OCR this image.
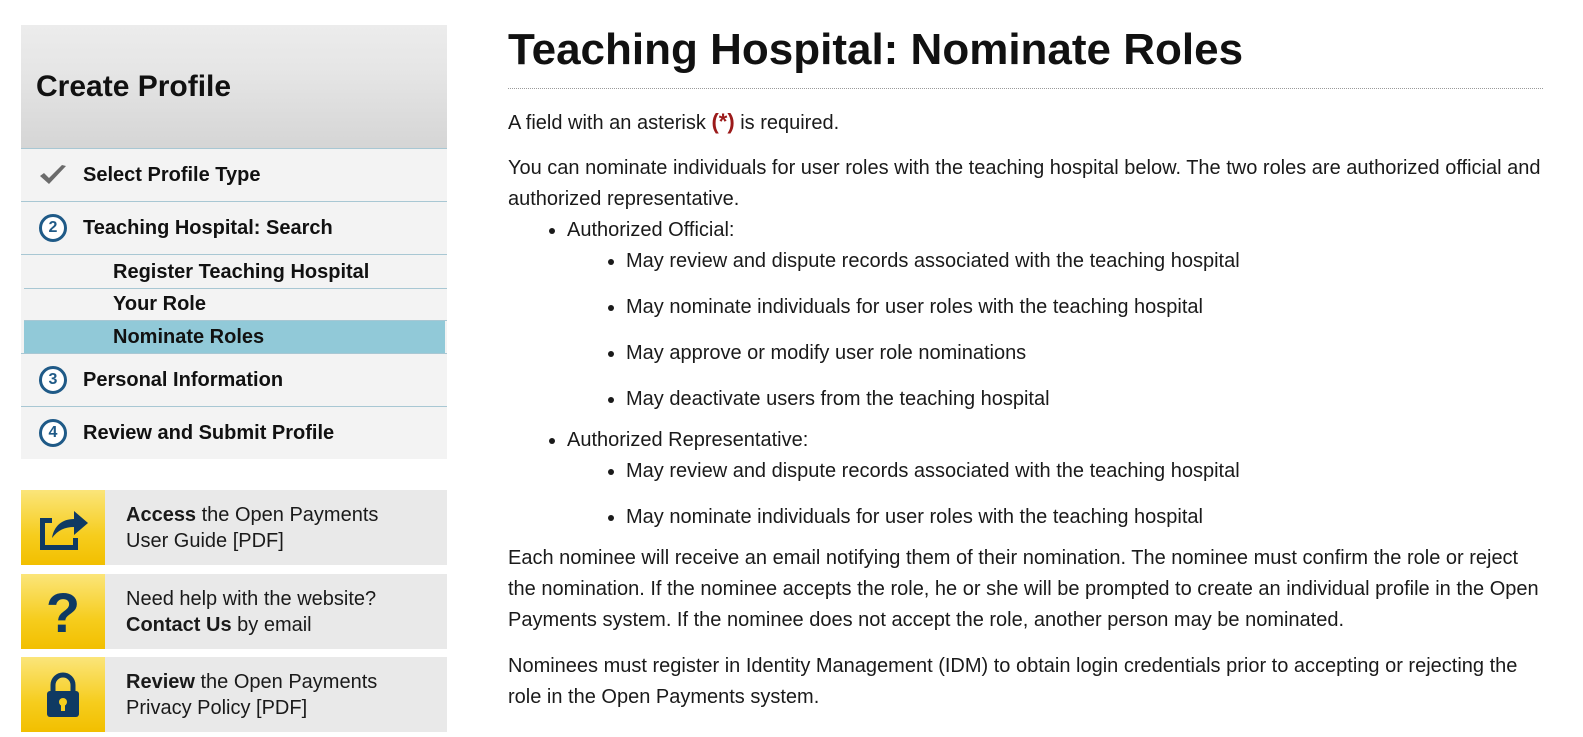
Create Profile
Select Profile Type
2	Teaching Hospital: Search
Register Teaching Hospital
Your Role
Nominate Roles
3	Personal Information
4	Review and Submit Profile
Access the Open Payments
User Guide [PDF]
?	Need help with the website?
Contact Us by email
Review the Open Payments
Privacy Policy [PDF]
Teaching Hospital: Nominate Roles

A field with an asterisk (*) is required.

You can nominate individuals for user roles with the teaching hospital below. The two roles are authorized official and authorized representative.

• Authorized Official:
• May review and dispute records associated with the teaching hospital
• May nominate individuals for user roles with the teaching hospital
• May approve or modify user role nominations
• May deactivate users from the teaching hospital
• Authorized Representative:
• May review and dispute records associated with the teaching hospital
• May nominate individuals for user roles with the teaching hospital

Each nominee will receive an email notifying them of their nomination. The nominee must confirm the role or reject the nomination. If the nominee accepts the role, he or she will be prompted to create an individual profile in the Open Payments system. If the nominee does not accept the role, another person may be nominated.

Nominees must register in Identity Management (IDM) to obtain login credentials prior to accepting or rejecting the role in the Open Payments system.
